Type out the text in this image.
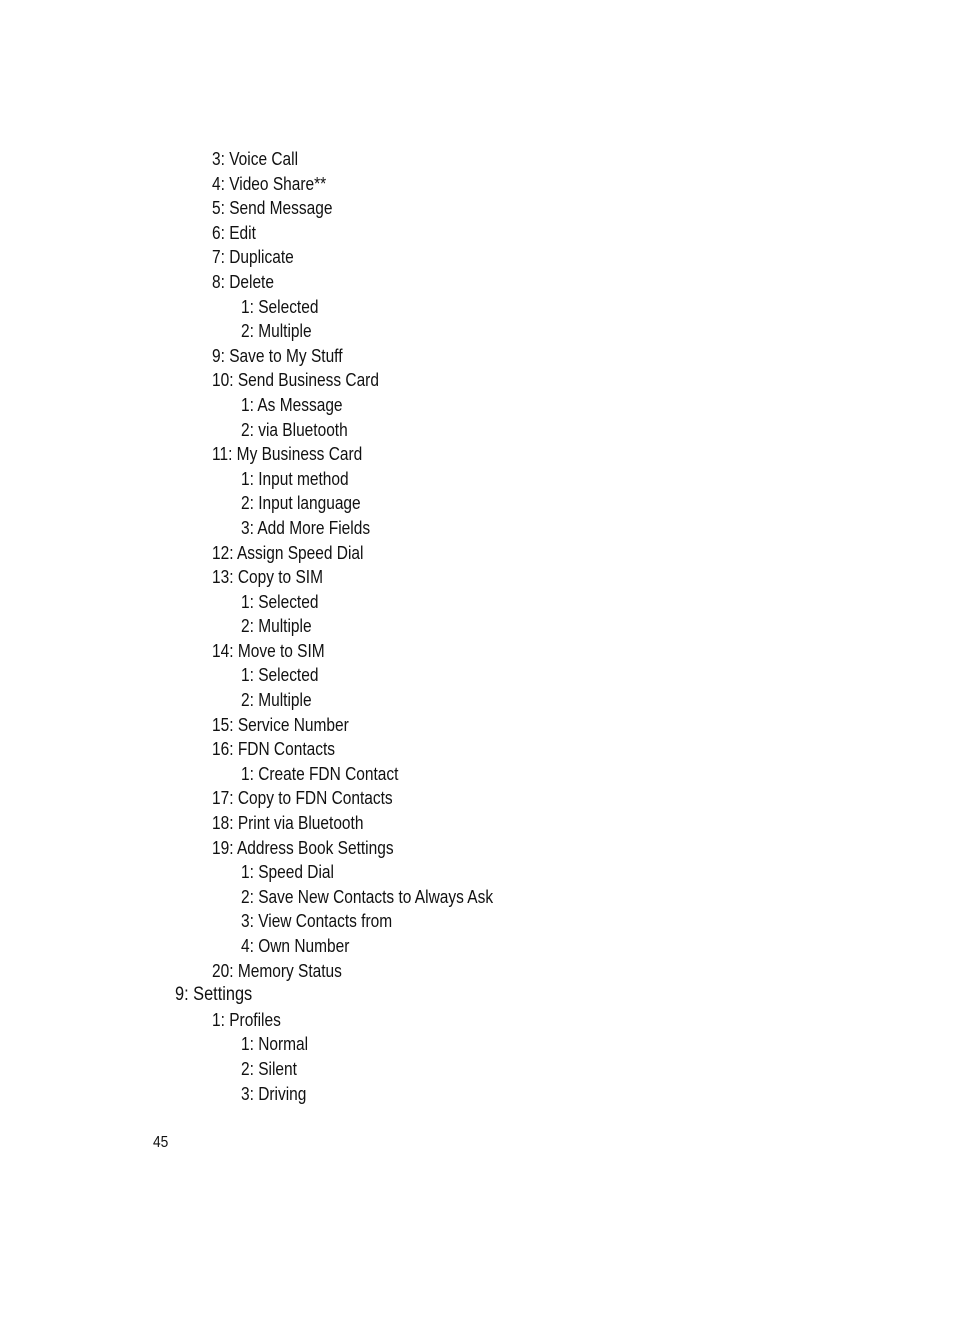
3: Voice Call
4: Video Share**
5: Send Message
6: Edit
7: Duplicate
8: Delete
1: Selected
2: Multiple
9: Save to My Stuff
10: Send Business Card
1: As Message
2: via Bluetooth
11: My Business Card
1: Input method
2: Input language
3: Add More Fields
12: Assign Speed Dial
13: Copy to SIM
1: Selected
2: Multiple
14: Move to SIM
1: Selected
2: Multiple
15: Service Number
16: FDN Contacts
1: Create FDN Contact
17: Copy to FDN Contacts
18: Print via Bluetooth
19: Address Book Settings
1: Speed Dial
2: Save New Contacts to Always Ask
3: View Contacts from
4: Own Number
20: Memory Status
9: Settings
1: Profiles
1: Normal
2: Silent
3: Driving
45
